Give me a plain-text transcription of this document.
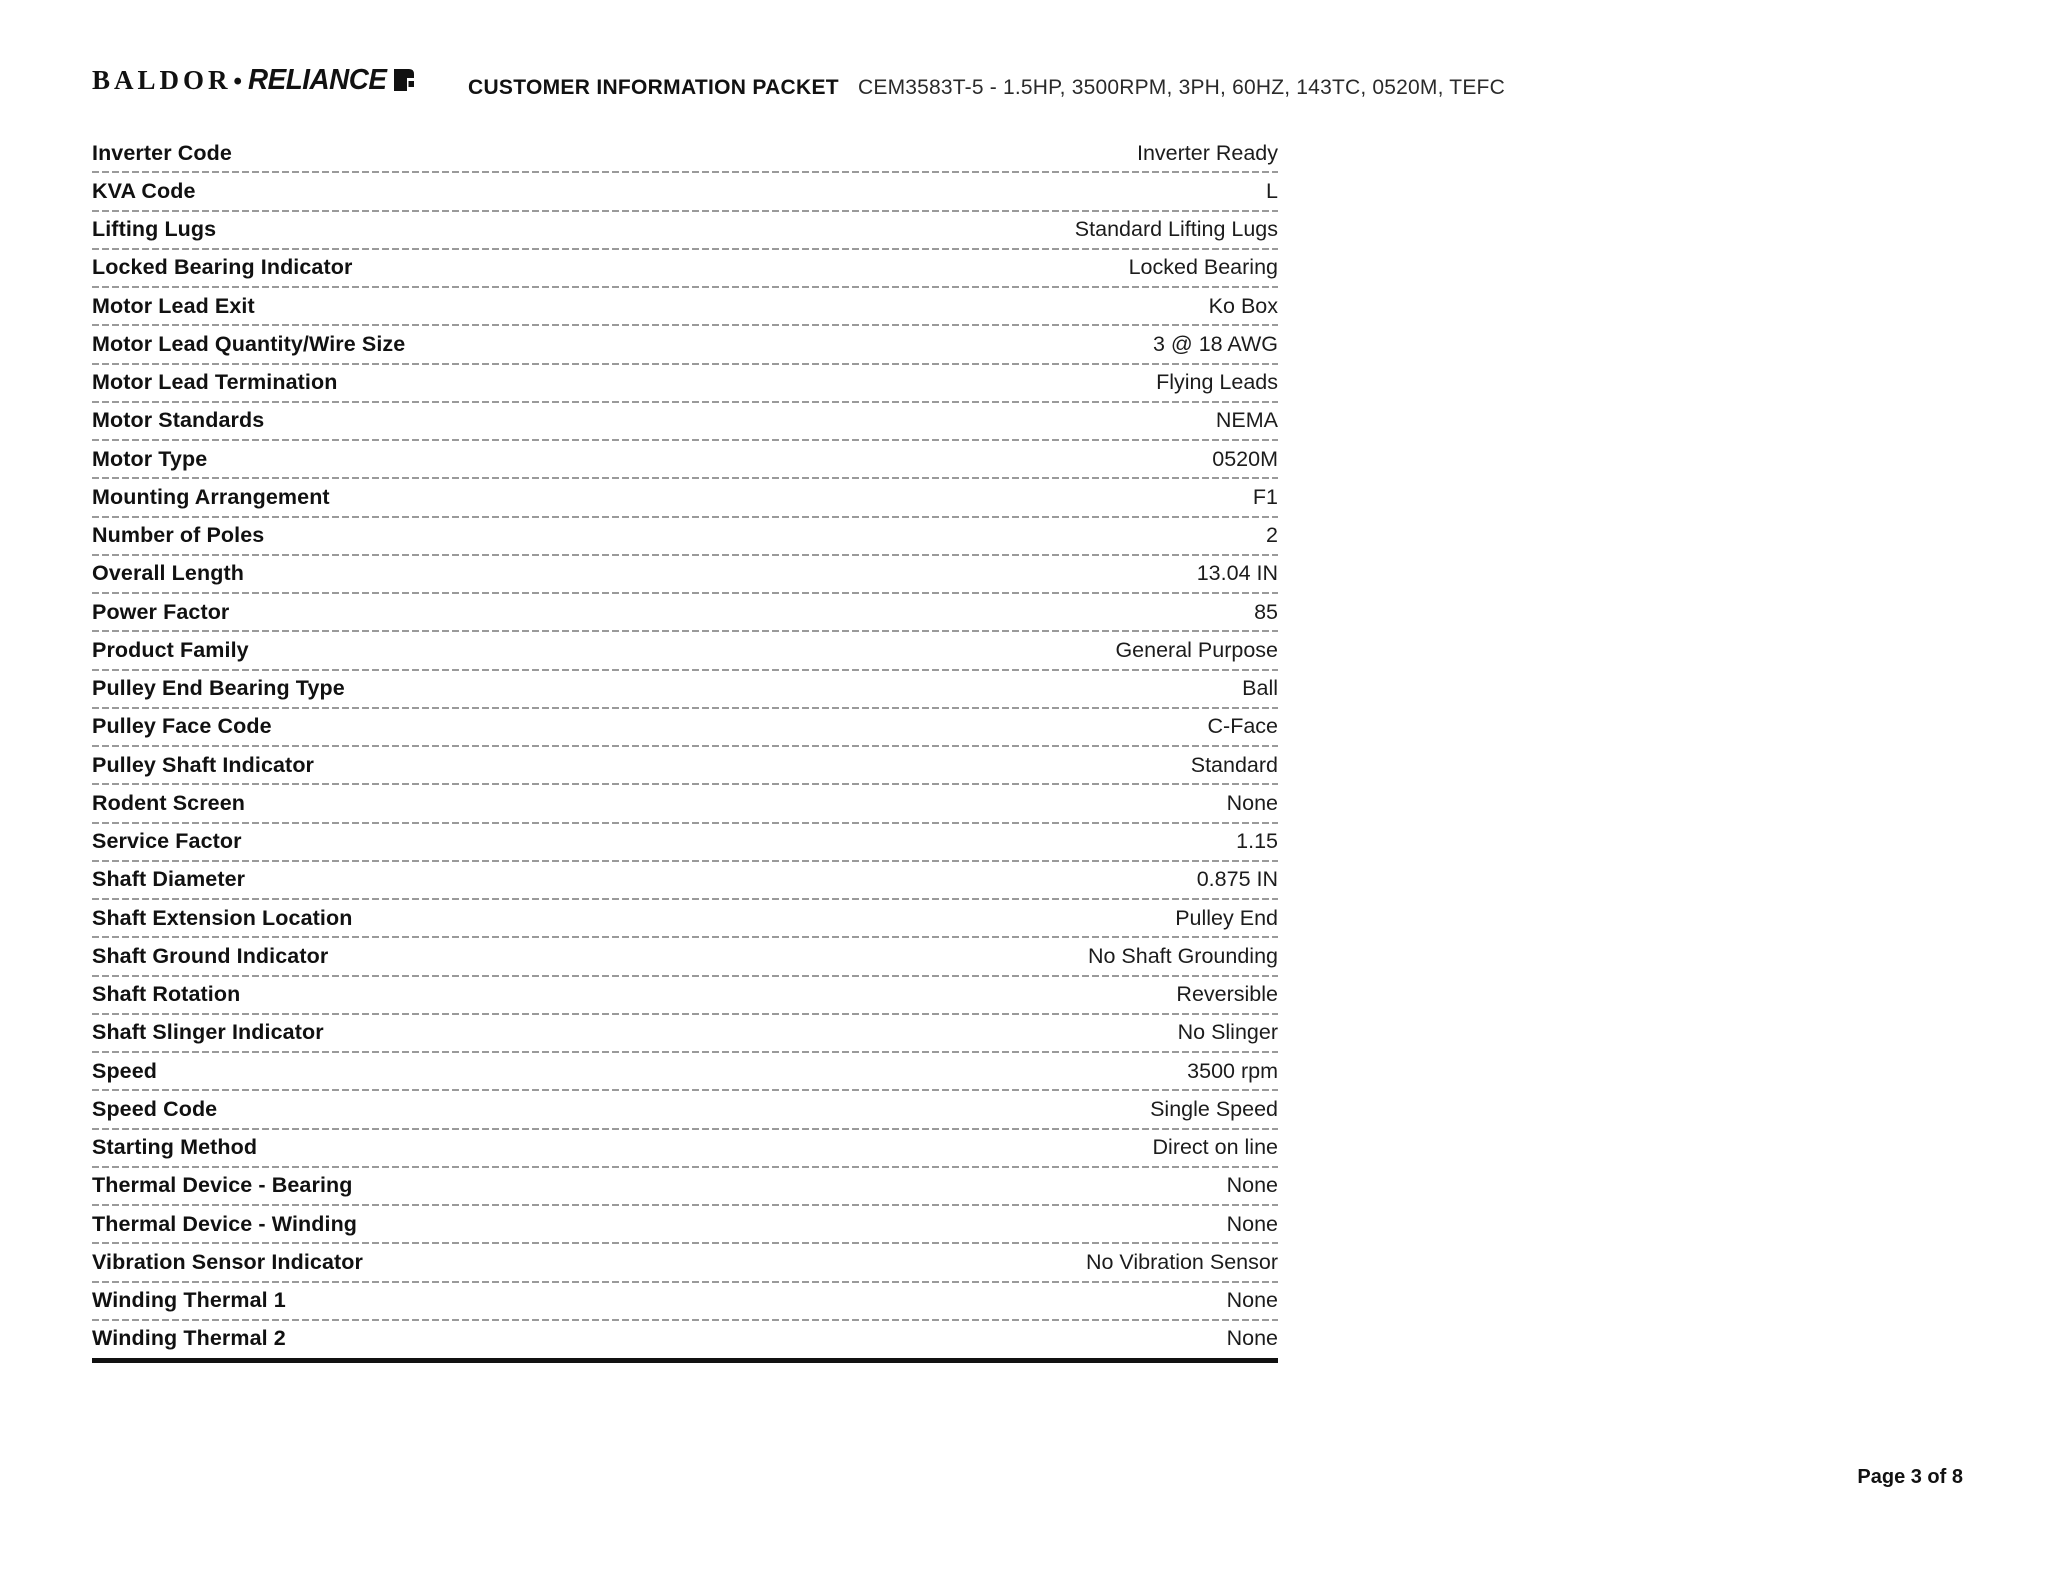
BALDOR • RELIANCE	CUSTOMER INFORMATION PACKET CEM3583T-5 - 1.5HP, 3500RPM, 3PH, 60HZ, 143TC, 0520M, TEFC
Inverter Code	Inverter Ready
KVA Code	L
Lifting Lugs	Standard Lifting Lugs
Locked Bearing Indicator	Locked Bearing
Motor Lead Exit	Ko Box
Motor Lead Quantity/Wire Size	3 @ 18 AWG
Motor Lead Termination	Flying Leads
Motor Standards	NEMA
Motor Type	0520M
Mounting Arrangement	F1
Number of Poles	2
Overall Length	13.04 IN
Power Factor	85
Product Family	General Purpose
Pulley End Bearing Type	Ball
Pulley Face Code	C-Face
Pulley Shaft Indicator	Standard
Rodent Screen	None
Service Factor	1.15
Shaft Diameter	0.875 IN
Shaft Extension Location	Pulley End
Shaft Ground Indicator	No Shaft Grounding
Shaft Rotation	Reversible
Shaft Slinger Indicator	No Slinger
Speed	3500 rpm
Speed Code	Single Speed
Starting Method	Direct on line
Thermal Device - Bearing	None
Thermal Device - Winding	None
Vibration Sensor Indicator	No Vibration Sensor
Winding Thermal 1	None
Winding Thermal 2	None
Page 3 of 8
